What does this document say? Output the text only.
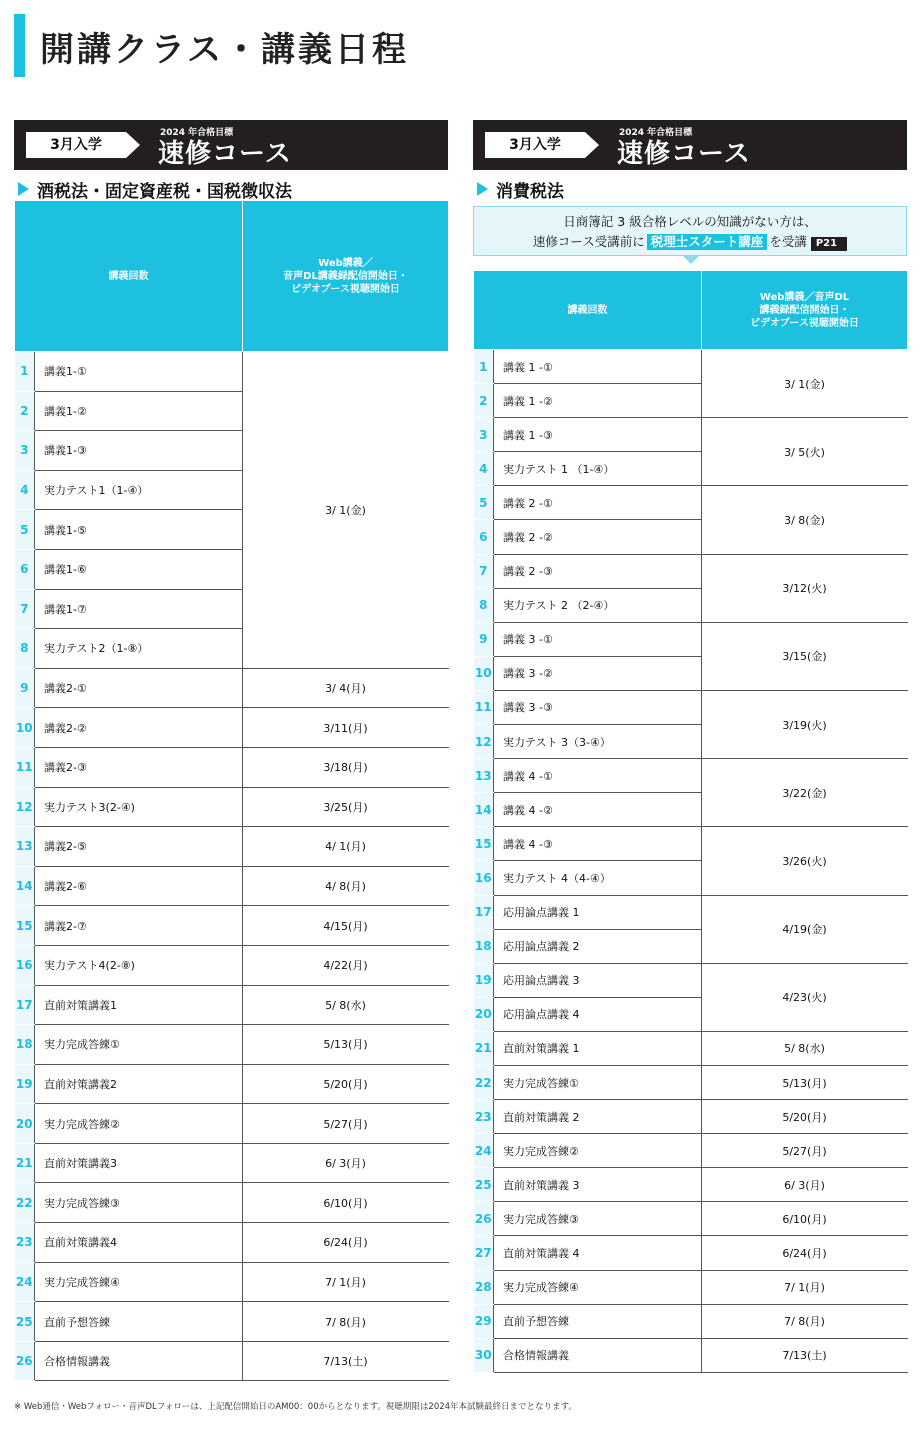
開講クラス・講義日程
3月入学
2024 年合格目標
速修コース
酒税法・固定資産税・国税徴収法
講義回数		Web講義／
音声DL講義録配信開始日・
ビデオブース視聴開始日
1	講義1-①	3/ 1(金)
2	講義1-②	
3	講義1-③	
4	実力テスト1（1-④）	
5	講義1-⑤	
6	講義1-⑥	
7	講義1-⑦	
8	実力テスト2（1-⑧）	
9	講義2-①	3/ 4(月)
10	講義2-②	3/11(月)
11	講義2-③	3/18(月)
12	実力テスト3(2-④)	3/25(月)
13	講義2-⑤	4/ 1(月)
14	講義2-⑥	4/ 8(月)
15	講義2-⑦	4/15(月)
16	実力テスト4(2-⑧)	4/22(月)
17	直前対策講義1	5/ 8(水)
18	実力完成答練①	5/13(月)
19	直前対策講義2	5/20(月)
20	実力完成答練②	5/27(月)
21	直前対策講義3	6/ 3(月)
22	実力完成答練③	6/10(月)
23	直前対策講義4	6/24(月)
24	実力完成答練④	7/ 1(月)
25	直前予想答練	7/ 8(月)
26	合格情報講義	7/13(土)
3月入学
2024 年合格目標
速修コース
消費税法
日商簿記 3 級合格レベルの知識がない方は、
速修コース受講前に 税理士スタート講座 を受講 P21
講義回数		Web講義／音声DL
講義録配信開始日・
ビデオブース視聴開始日
1	講義 1 -①	3/ 1(金)
2	講義 1 -②	
3	講義 1 -③	3/ 5(火)
4	実力テスト 1 （1-④）	
5	講義 2 -①	3/ 8(金)
6	講義 2 -②	
7	講義 2 -③	3/12(火)
8	実力テスト 2 （2-④）	
9	講義 3 -①	3/15(金)
10	講義 3 -②	
11	講義 3 -③	3/19(火)
12	実力テスト 3（3-④）	
13	講義 4 -①	3/22(金)
14	講義 4 -②	
15	講義 4 -③	3/26(火)
16	実力テスト 4（4-④）	
17	応用論点講義 1	4/19(金)
18	応用論点講義 2	
19	応用論点講義 3	4/23(火)
20	応用論点講義 4	
21	直前対策講義 1	5/ 8(水)
22	実力完成答練①	5/13(月)
23	直前対策講義 2	5/20(月)
24	実力完成答練②	5/27(月)
25	直前対策講義 3	6/ 3(月)
26	実力完成答練③	6/10(月)
27	直前対策講義 4	6/24(月)
28	実力完成答練④	7/ 1(月)
29	直前予想答練	7/ 8(月)
30	合格情報講義	7/13(土)
※ Web通信・Webフォロー・音声DLフォローは、上記配信開始日のAM00：00からとなります。視聴期限は2024年本試験最終日までとなります。
